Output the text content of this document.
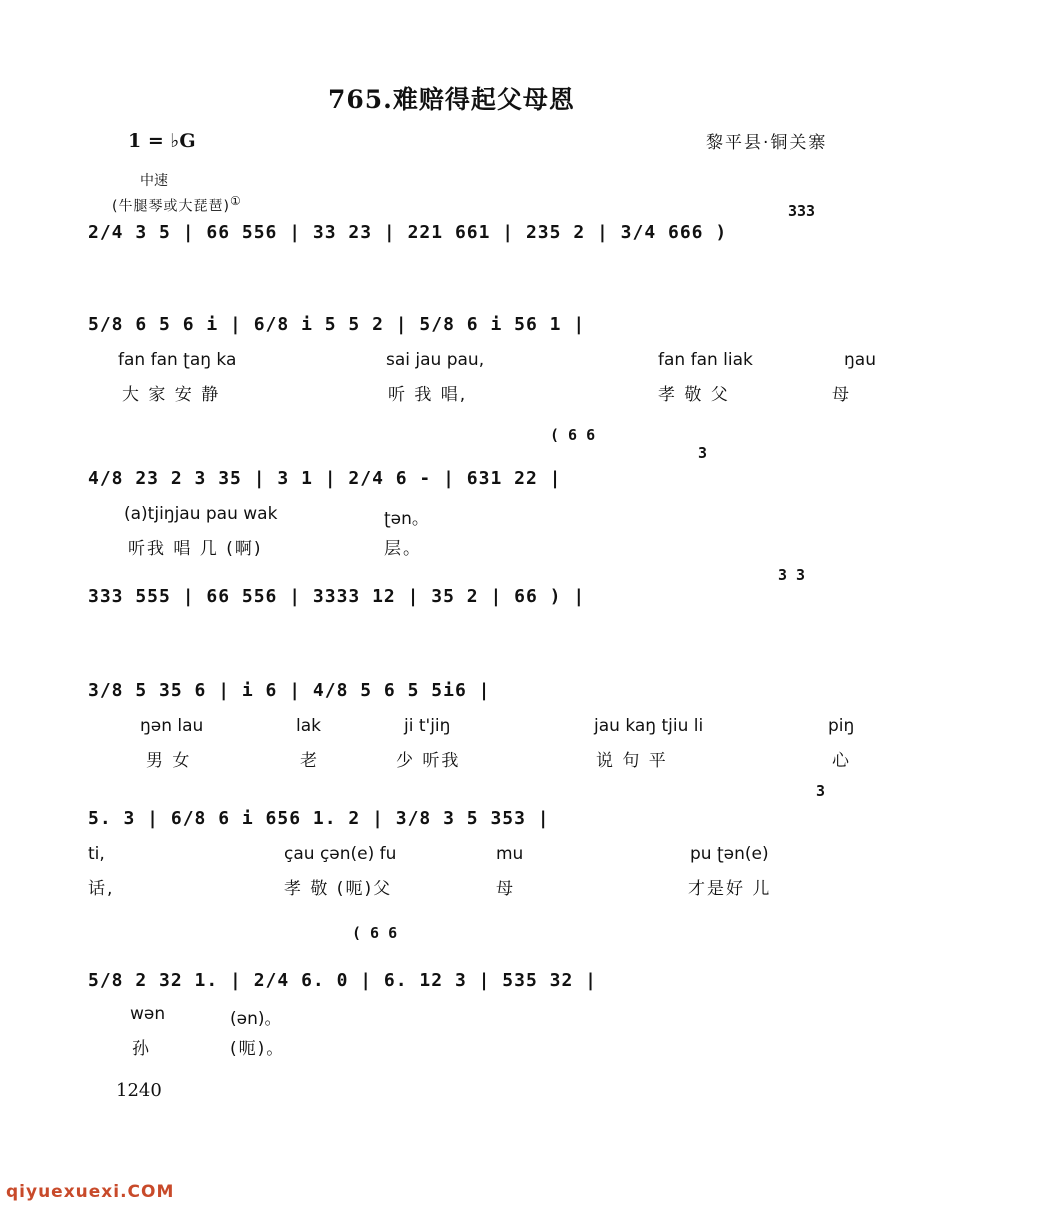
765.难赔得起父母恩
1 = ♭G	黎平县·铜关寨
中速
(牛腿琴或大琵琶)①
333
2/4 3 5 | 66 556 | 33 23 | 221 661 | 235 2 | 3/4 666 )
5/8 6 5 6 i | 6/8 i 5 5 2 | 5/8 6 i 56 1 |
fan fan ʈaŋ ka	sai jau pau,	fan fan liak	ŋau
大 家 安 静	听 我 唱,	孝 敬 父	母
( 6 6
3
4/8 23 2 3 35 | 3 1 | 2/4 6 - | 631 22 |
(a)tjiŋjau pau wak	ʈən。
听我 唱 几 (啊)	层。
3 3
333 555 | 66 556 | 3333 12 | 35 2 | 66 ) |
3/8 5 35 6 | i 6 | 4/8 5 6 5 5i6 |
ŋən lau	lak	ji t'jiŋ	jau kaŋ tjiu li	piŋ
男 女	老	少 听我	说 句 平	心
3
5. 3 | 6/8 6 i 656 1. 2 | 3/8 3 5 353 |
ti,	çau çən(e) fu	mu	pu ʈən(e)
话,	孝 敬 (呃)父	母	才是好 儿
( 6 6
5/8 2 32 1. | 2/4 6. 0 | 6. 12 3 | 535 32 |
wən	(ən)。
孙	(呃)。
1240
qiyuexuexi.COM
